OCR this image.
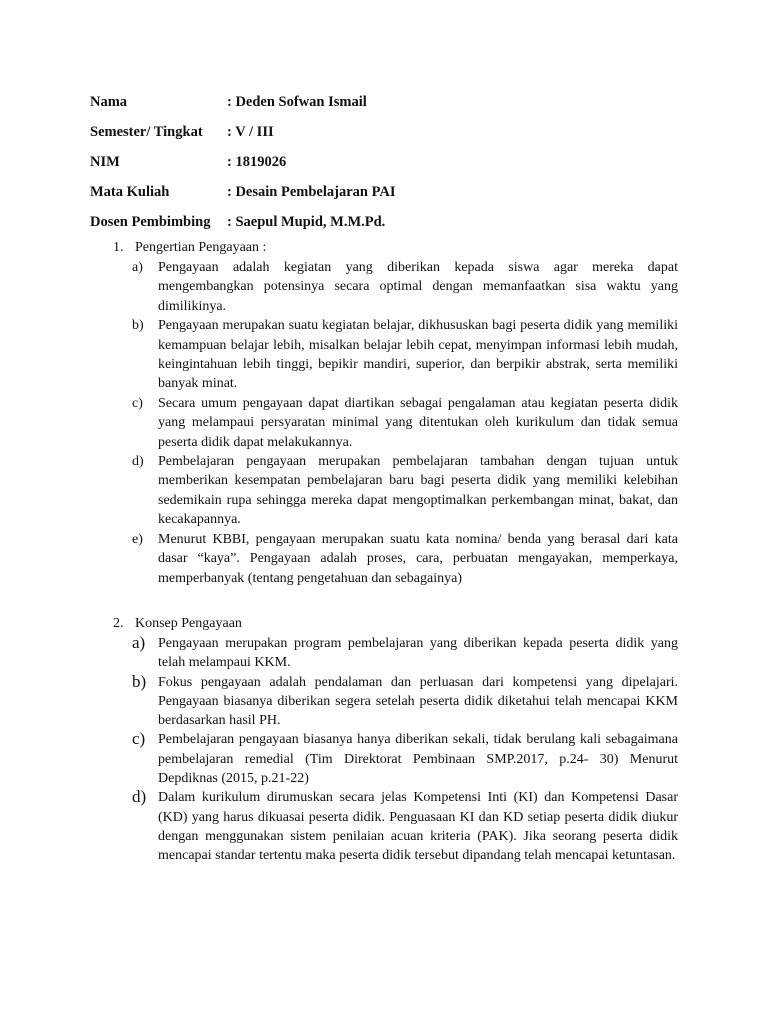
Nama	: Deden Sofwan Ismail
Semester/ Tingkat : V / III
NIM	: 1819026
Mata Kuliah	: Desain Pembelajaran PAI
Dosen Pembimbing : Saepul Mupid, M.M.Pd.
1. Pengertian Pengayaan :
a) Pengayaan adalah kegiatan yang diberikan kepada siswa agar mereka dapat mengembangkan potensinya secara optimal dengan memanfaatkan sisa waktu yang dimilikinya.
b) Pengayaan merupakan suatu kegiatan belajar, dikhususkan bagi peserta didik yang memiliki kemampuan belajar lebih, misalkan belajar lebih cepat, menyimpan informasi lebih mudah, keingintahuan lebih tinggi, bepikir mandiri, superior, dan berpikir abstrak, serta memiliki banyak minat.
c) Secara umum pengayaan dapat diartikan sebagai pengalaman atau kegiatan peserta didik yang melampaui persyaratan minimal yang ditentukan oleh kurikulum dan tidak semua peserta didik dapat melakukannya.
d) Pembelajaran pengayaan merupakan pembelajaran tambahan dengan tujuan untuk memberikan kesempatan pembelajaran baru bagi peserta didik yang memiliki kelebihan sedemikain rupa sehingga mereka dapat mengoptimalkan perkembangan minat, bakat, dan kecakapannya.
e) Menurut KBBI, pengayaan merupakan suatu kata nomina/ benda yang berasal dari kata dasar “kaya”. Pengayaan adalah proses, cara, perbuatan mengayakan, memperkaya, memperbanyak (tentang pengetahuan dan sebagainya)
2. Konsep Pengayaan
a) Pengayaan merupakan program pembelajaran yang diberikan kepada peserta didik yang telah melampaui KKM.
b) Fokus pengayaan adalah pendalaman dan perluasan dari kompetensi yang dipelajari. Pengayaan biasanya diberikan segera setelah peserta didik diketahui telah mencapai KKM berdasarkan hasil PH.
c) Pembelajaran pengayaan biasanya hanya diberikan sekali, tidak berulang kali sebagaimana pembelajaran remedial (Tim Direktorat Pembinaan SMP.2017, p.24- 30) Menurut Depdiknas (2015, p.21-22)
d) Dalam kurikulum dirumuskan secara jelas Kompetensi Inti (KI) dan Kompetensi Dasar (KD) yang harus dikuasai peserta didik. Penguasaan KI dan KD setiap peserta didik diukur dengan menggunakan sistem penilaian acuan kriteria (PAK). Jika seorang peserta didik mencapai standar tertentu maka peserta didik tersebut dipandang telah mencapai ketuntasan.
